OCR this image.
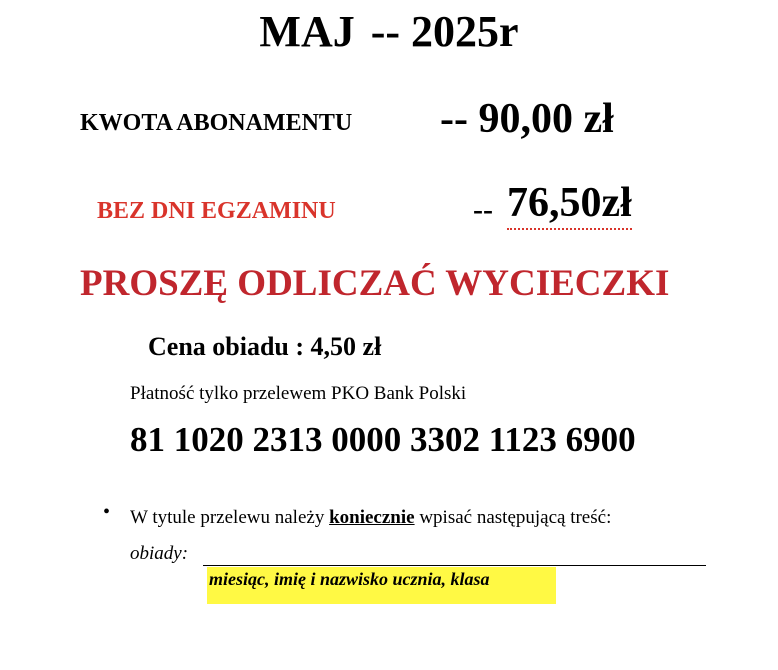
MAJ -- 2025r
KWOTA ABONAMENTU -- 90,00 zł
BEZ DNI EGZAMINU	-- 76,50zł
PROSZĘ ODLICZAĆ WYCIECZKI
Cena obiadu : 4,50 zł
Płatność tylko przelewem PKO Bank Polski
81 1020 2313 0000 3302 1123 6900
• W tytule przelewu należy koniecznie wpisać następującą treść:
obiady:
miesiąc, imię i nazwisko ucznia, klasa
